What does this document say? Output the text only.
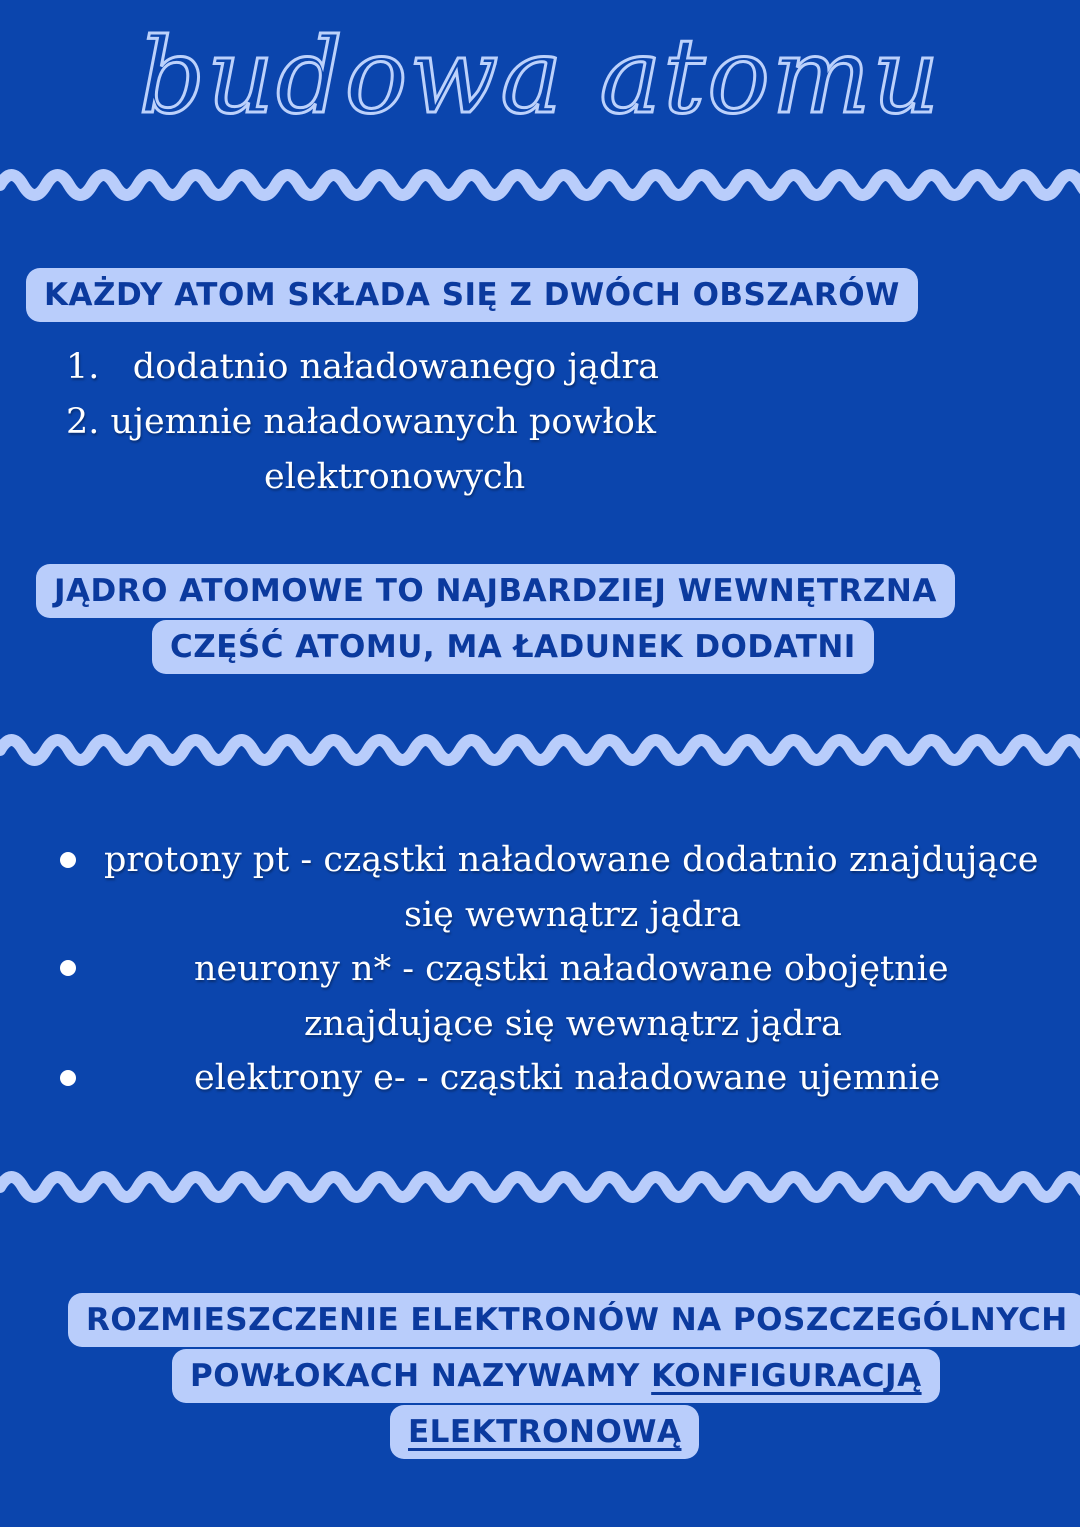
budowa atomu
KAŻDY ATOM SKŁADA SIĘ Z DWÓCH OBSZARÓW
1. dodatnio naładowanego jądra
2. ujemnie naładowanych powłok
elektronowych
JĄDRO ATOMOWE TO NAJBARDZIEJ WEWNĘTRZNA
CZĘŚĆ ATOMU, MA ŁADUNEK DODATNI
protony pt - cząstki naładowane dodatnio znajdujące
się wewnątrz jądra
neurony n* - cząstki naładowane obojętnie
znajdujące się wewnątrz jądra
elektrony e- - cząstki naładowane ujemnie
ROZMIESZCZENIE ELEKTRONÓW NA POSZCZEGÓLNYCH
POWŁOKACH NAZYWAMY KONFIGURACJĄ
ELEKTRONOWĄ
